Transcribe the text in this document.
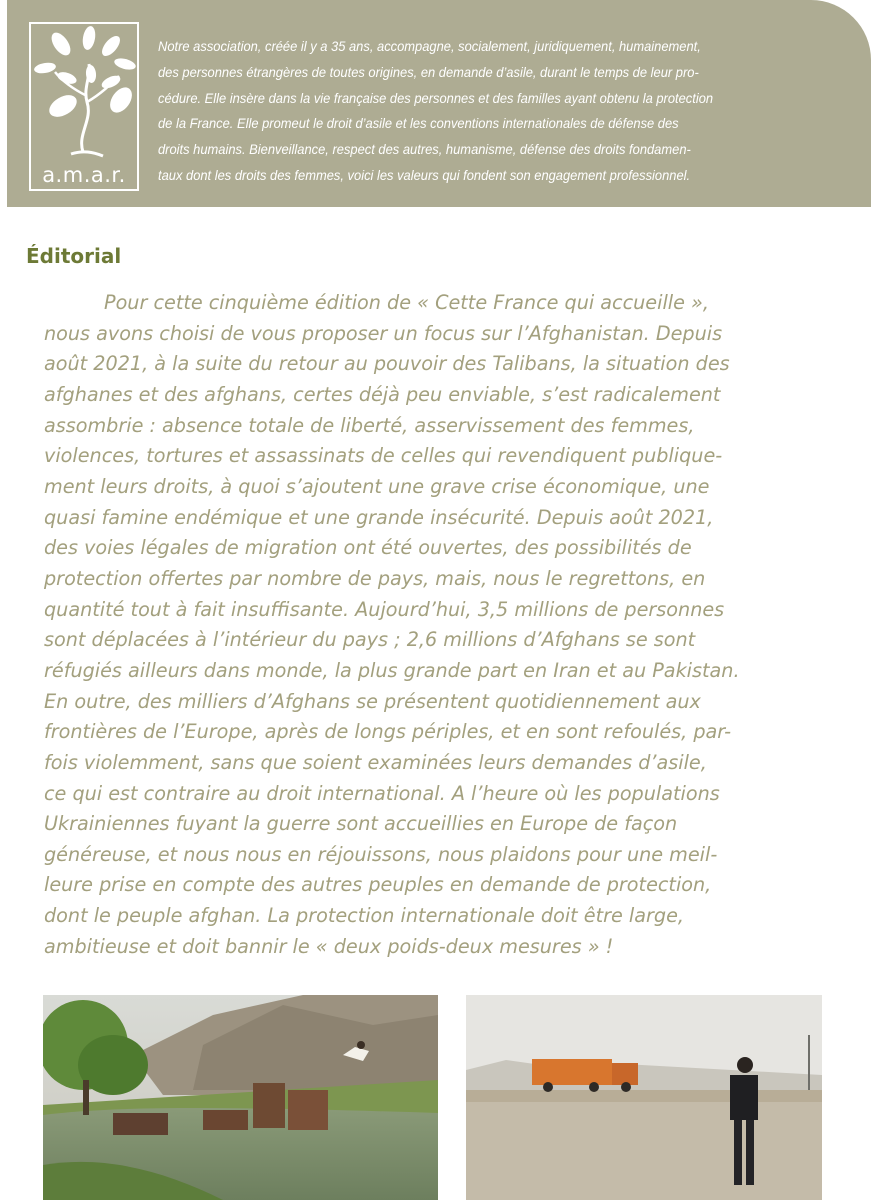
a.m.a.r.

Notre association, créée il y a 35 ans, accompagne, socialement, juridiquement, humainement,
des personnes étrangères de toutes origines, en demande d’asile, durant le temps de leur pro-
cédure. Elle insère dans la vie française des personnes et des familles ayant obtenu la protection
de la France. Elle promeut le droit d’asile et les conventions internationales de défense des
droits humains. Bienveillance, respect des autres, humanisme, défense des droits fondamen-
taux dont les droits des femmes, voici les valeurs qui fondent son engagement professionnel.

Éditorial

Pour cette cinquième édition de « Cette France qui accueille »,
nous avons choisi de vous proposer un focus sur l’Afghanistan. Depuis
août 2021, à la suite du retour au pouvoir des Talibans, la situation des
afghanes et des afghans, certes déjà peu enviable, s’est radicalement
assombrie : absence totale de liberté, asservissement des femmes,
violences, tortures et assassinats de celles qui revendiquent publique-
ment leurs droits, à quoi s’ajoutent une grave crise économique, une
quasi famine endémique et une grande insécurité. Depuis août 2021,
des voies légales de migration ont été ouvertes, des possibilités de
protection offertes par nombre de pays, mais, nous le regrettons, en
quantité tout à fait insuffisante. Aujourd’hui, 3,5 millions de personnes
sont déplacées à l’intérieur du pays ; 2,6 millions d’Afghans se sont
réfugiés ailleurs dans monde, la plus grande part en Iran et au Pakistan.
En outre, des milliers d’Afghans se présentent quotidiennement aux
frontières de l’Europe, après de longs périples, et en sont refoulés, par-
fois violemment, sans que soient examinées leurs demandes d’asile,
ce qui est contraire au droit international. A l’heure où les populations
Ukrainiennes fuyant la guerre sont accueillies en Europe de façon
généreuse, et nous nous en réjouissons, nous plaidons pour une meil-
leure prise en compte des autres peuples en demande de protection,
dont le peuple afghan. La protection internationale doit être large,
ambitieuse et doit bannir le « deux poids-deux mesures » !
